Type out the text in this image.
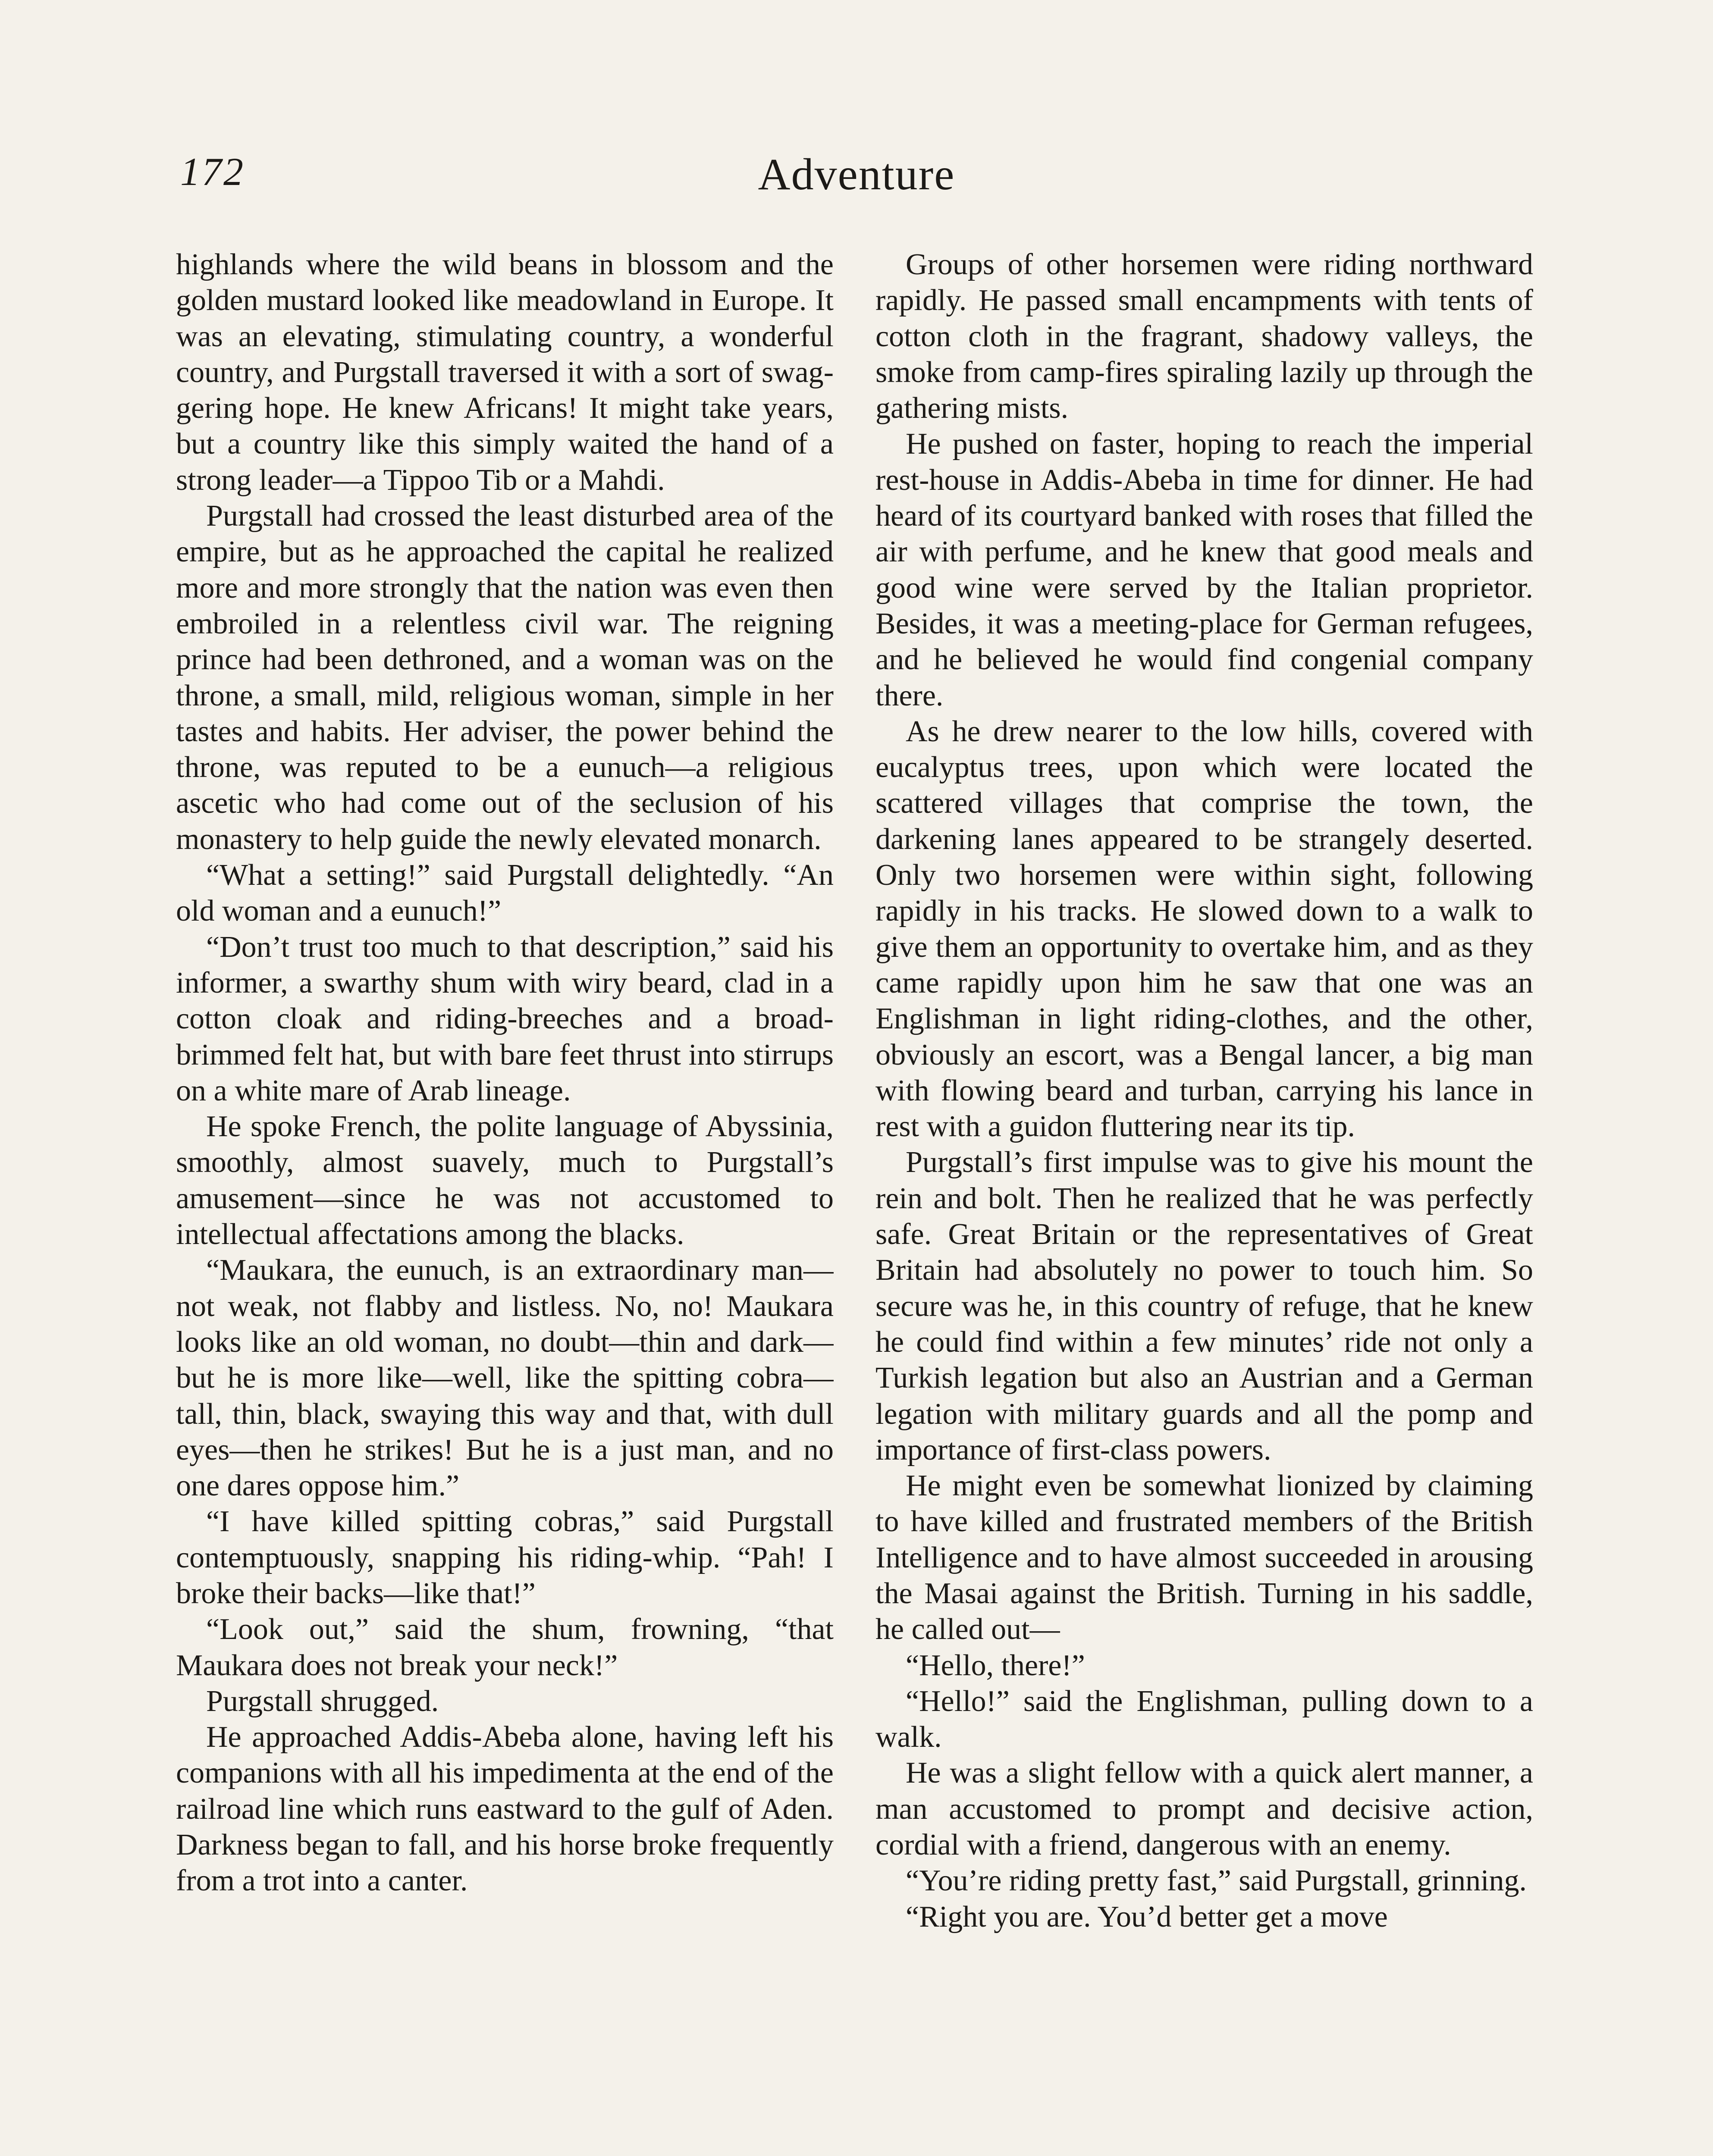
172	Adventure

highlands where the wild beans in blossom and the golden mustard looked like meadowland in Europe. It was an elevating, stimulating country, a wonderful country, and Purgstall traversed it with a sort of swaggering hope. He knew Africans! It might take years, but a country like this simply waited the hand of a strong leader—a Tippoo Tib or a Mahdi.

Purgstall had crossed the least disturbed area of the empire, but as he approached the capital he realized more and more strongly that the nation was even then embroiled in a relentless civil war. The reigning prince had been dethroned, and a woman was on the throne, a small, mild, religious woman, simple in her tastes and habits. Her adviser, the power behind the throne, was reputed to be a eunuch—a religious ascetic who had come out of the seclusion of his monastery to help guide the newly elevated monarch.

“What a setting!” said Purgstall delightedly. “An old woman and a eunuch!”

“Don’t trust too much to that description,” said his informer, a swarthy shum with wiry beard, clad in a cotton cloak and riding-breeches and a broad-brimmed felt hat, but with bare feet thrust into stirrups on a white mare of Arab lineage.

He spoke French, the polite language of Abyssinia, smoothly, almost suavely, much to Purgstall’s amusement—since he was not accustomed to intellectual affectations among the blacks.

“Maukara, the eunuch, is an extraordinary man—not weak, not flabby and listless. No, no! Maukara looks like an old woman, no doubt—thin and dark—but he is more like—well, like the spitting cobra—tall, thin, black, swaying this way and that, with dull eyes—then he strikes! But he is a just man, and no one dares oppose him.”

“I have killed spitting cobras,” said Purgstall contemptuously, snapping his riding-whip. “Pah! I broke their backs—like that!”

“Look out,” said the shum, frowning, “that Maukara does not break your neck!”

Purgstall shrugged.

He approached Addis-Abeba alone, having left his companions with all his impedimenta at the end of the railroad line which runs eastward to the gulf of Aden. Darkness began to fall, and his horse broke frequently from a trot into a canter.

Groups of other horsemen were riding northward rapidly. He passed small encampments with tents of cotton cloth in the fragrant, shadowy valleys, the smoke from camp-fires spiraling lazily up through the gathering mists.

He pushed on faster, hoping to reach the imperial rest-house in Addis-Abeba in time for dinner. He had heard of its courtyard banked with roses that filled the air with perfume, and he knew that good meals and good wine were served by the Italian proprietor. Besides, it was a meeting-place for German refugees, and he believed he would find congenial company there.

As he drew nearer to the low hills, covered with eucalyptus trees, upon which were located the scattered villages that comprise the town, the darkening lanes appeared to be strangely deserted. Only two horsemen were within sight, following rapidly in his tracks. He slowed down to a walk to give them an opportunity to overtake him, and as they came rapidly upon him he saw that one was an Englishman in light riding-clothes, and the other, obviously an escort, was a Bengal lancer, a big man with flowing beard and turban, carrying his lance in rest with a guidon fluttering near its tip.

Purgstall’s first impulse was to give his mount the rein and bolt. Then he realized that he was perfectly safe. Great Britain or the representatives of Great Britain had absolutely no power to touch him. So secure was he, in this country of refuge, that he knew he could find within a few minutes’ ride not only a Turkish legation but also an Austrian and a German legation with military guards and all the pomp and importance of first-class powers.

He might even be somewhat lionized by claiming to have killed and frustrated members of the British Intelligence and to have almost succeeded in arousing the Masai against the British. Turning in his saddle, he called out—

“Hello, there!”

“Hello!” said the Englishman, pulling down to a walk.

He was a slight fellow with a quick alert manner, a man accustomed to prompt and decisive action, cordial with a friend, dangerous with an enemy.

“You’re riding pretty fast,” said Purgstall, grinning.

“Right you are. You’d better get a move
